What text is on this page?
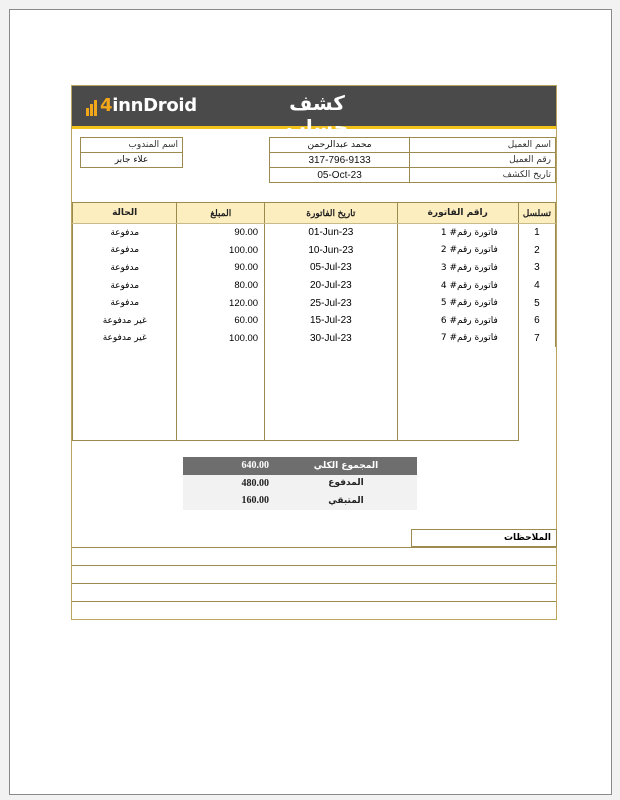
4innDroid	كشف حساب
اسم المندوب
علاء جابر
محمد عبدالرحمن	اسم العميل
317-796-9133	رقم العميل
05-Oct-23	تاريخ الكشف
الحالة	المبلغ	تاريخ الفاتورة	راقم الفاتورة	تسلسل
مدفوعة	90.00	01-Jun-23	فاتورة رقم# 1	1
مدفوعة	100.00	10-Jun-23	فاتورة رقم# 2	2
مدفوعة	90.00	05-Jul-23	فاتورة رقم# 3	3
مدفوعة	80.00	20-Jul-23	فاتورة رقم# 4	4
مدفوعة	120.00	25-Jul-23	فاتورة رقم# 5	5
غير مدفوعة	60.00	15-Jul-23	فاتورة رقم# 6	6
غير مدفوعة	100.00	30-Jul-23	فاتورة رقم# 7	7

640.00	المجموع الكلي
480.00	المدفوع
160.00	المتبقي
الملاحظات
